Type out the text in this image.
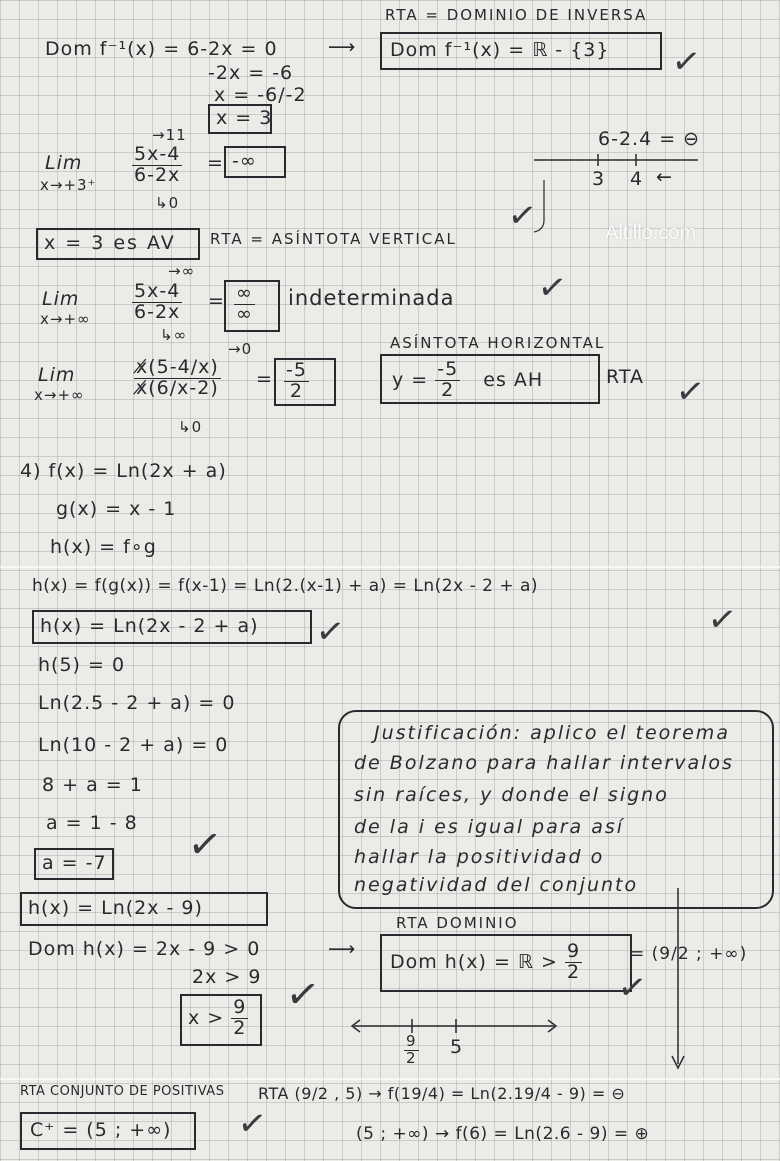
RTA = DOMINIO DE INVERSA
Dom f⁻¹(x) = 6-2x = 0	⟶ Dom f⁻¹(x) = ℝ - {3} ✓
-2x = -6
x = -6/-2
x = 3
Lim
x→+3⁺
→11
$\frac{5x-4}{6-2x}$
↳0
= -∞
6-2.4 = ⊖
3 4 ←
✓
x = 3 es AV RTA = ASÍNTOTA VERTICAL	Altillo.com
Lim
x→+∞
→∞
$\frac{5x-4}{6-2x}$
↳∞
= $\frac{\infty}{\infty}$ indeterminada ✓
Lim
x→+∞
→0
$\frac{x̸(5-4/x)}{x̸(6/x-2)}$
↳0
= $\frac{-5}{2}$
ASÍNTOTA HORIZONTAL
$y = \frac{-5}{2}$ es AH	RTA ✓
4) f(x) = Ln(2x + a)
g(x) = x - 1
h(x) = f∘g
h(x) = f(g(x)) = f(x-1) = Ln(2.(x-1) + a) = Ln(2x - 2 + a)
h(x) = Ln(2x - 2 + a) ✓	✓
h(5) = 0
Ln(2.5 - 2 + a) = 0
Ln(10 - 2 + a) = 0
8 + a = 1
a = 1 - 8 ✓
a = -7
h(x) = Ln(2x - 9)
Justificación: aplico el teorema
de Bolzano para hallar intervalos
sin raíces, y donde el signo
de la i es igual para así
hallar la positividad o
negatividad del conjunto
RTA DOMINIO
Dom h(x) = 2x - 9 > 0	⟶
2x > 9
$x > \frac{9}{2}$ ✓
Dom h(x) = ℝ > $\frac{9}{2}$	= (9/2 ; +∞)
✓
$\frac{9}{2} 5$
RTA CONJUNTO DE POSITIVAS RTA (9/2 , 5) → f(19/4) = Ln(2.19/4 - 9) = ⊖
C⁺ = (5 ; +∞) ✓	(5 ; +∞) → f(6) = Ln(2.6 - 9) = ⊕
